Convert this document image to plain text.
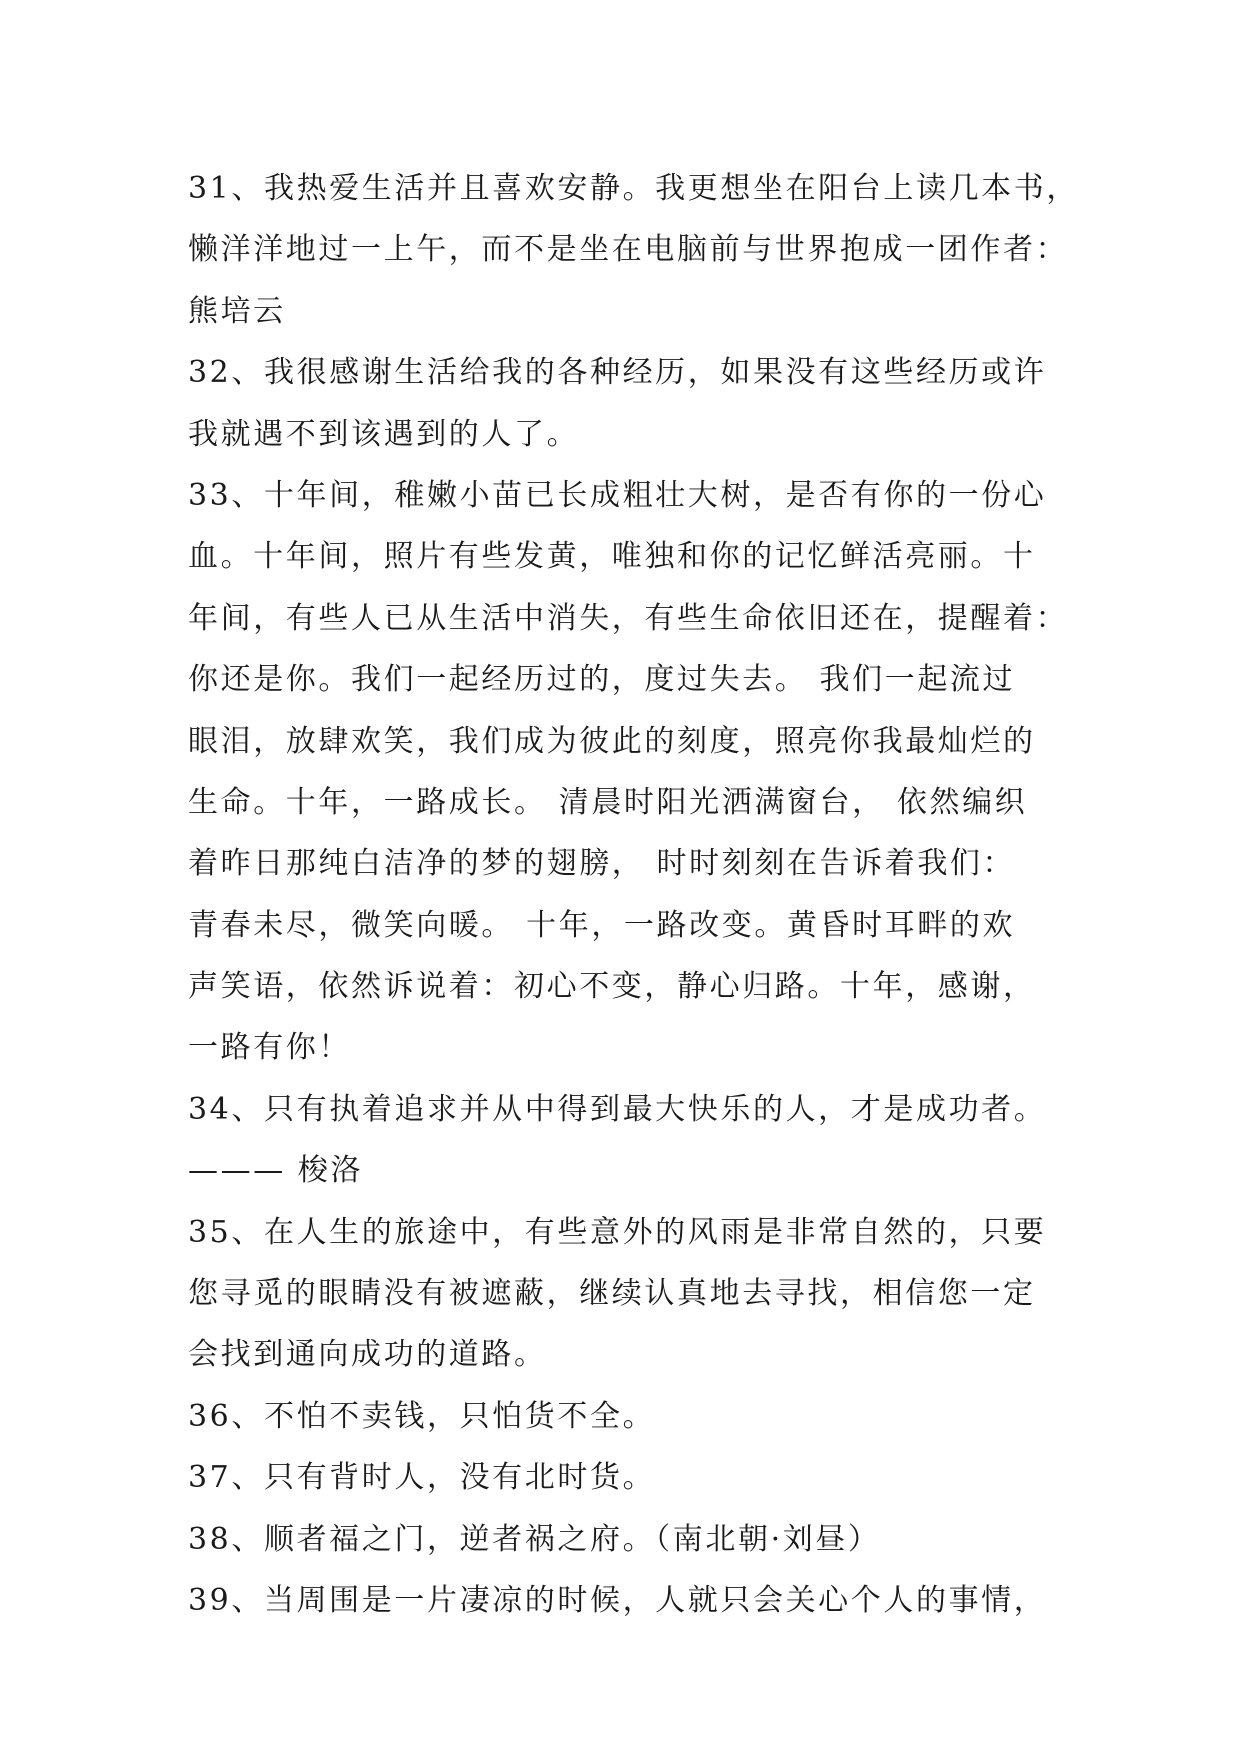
31、我热爱生活并且喜欢安静。我更想坐在阳台上读几本书，
懒洋洋地过一上午，而不是坐在电脑前与世界抱成一团作者：
熊培云
32、我很感谢生活给我的各种经历，如果没有这些经历或许
我就遇不到该遇到的人了。
33、十年间，稚嫩小苗已长成粗壮大树，是否有你的一份心
血。十年间，照片有些发黄，唯独和你的记忆鲜活亮丽。十
年间，有些人已从生活中消失，有些生命依旧还在，提醒着：
你还是你。我们一起经历过的，度过失去。 我们一起流过
眼泪，放肆欢笑，我们成为彼此的刻度，照亮你我最灿烂的
生命。十年，一路成长。 清晨时阳光洒满窗台， 依然编织
着昨日那纯白洁净的梦的翅膀， 时时刻刻在告诉着我们：
青春未尽，微笑向暖。 十年，一路改变。黄昏时耳畔的欢
声笑语，依然诉说着：初心不变，静心归路。十年，感谢，
一路有你！
34、只有执着追求并从中得到最大快乐的人，才是成功者。
——— 梭洛
35、在人生的旅途中，有些意外的风雨是非常自然的，只要
您寻觅的眼睛没有被遮蔽，继续认真地去寻找，相信您一定
会找到通向成功的道路。
36、不怕不卖钱，只怕货不全。
37、只有背时人，没有北时货。
38、顺者福之门，逆者祸之府。（南北朝·刘昼）
39、当周围是一片凄凉的时候，人就只会关心个人的事情，
